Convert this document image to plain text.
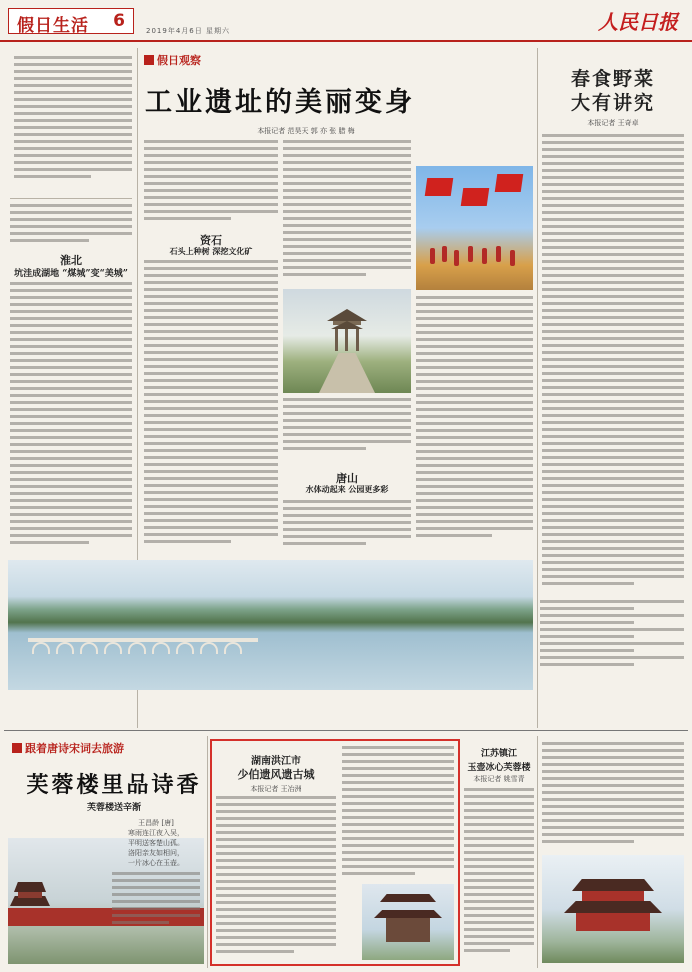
假日生活 6	2019年4月6日 星期六	人民日报
淮北
坑洼成湖地 “煤城”变“美城”
假日观察
工业遗址的美丽变身
本报记者 范昊天 郭 亦 张 腊 梅
资石
石头上种树 深挖文化矿
唐山
水体动起来 公园更多彩
春食野菜
大有讲究
本报记者 王奇卓
跟着唐诗宋词去旅游
芙蓉楼里品诗香
芙蓉楼送辛渐
王昌龄 [唐]
寒雨连江夜入吴，
平明送客楚山孤。
洛阳亲友如相问，
一片冰心在玉壶。
湖南洪江市
少伯遗风遗古城
本报记者 王冶洲
江苏镇江
玉壶冰心芙蓉楼
本报记者 姚雪青
